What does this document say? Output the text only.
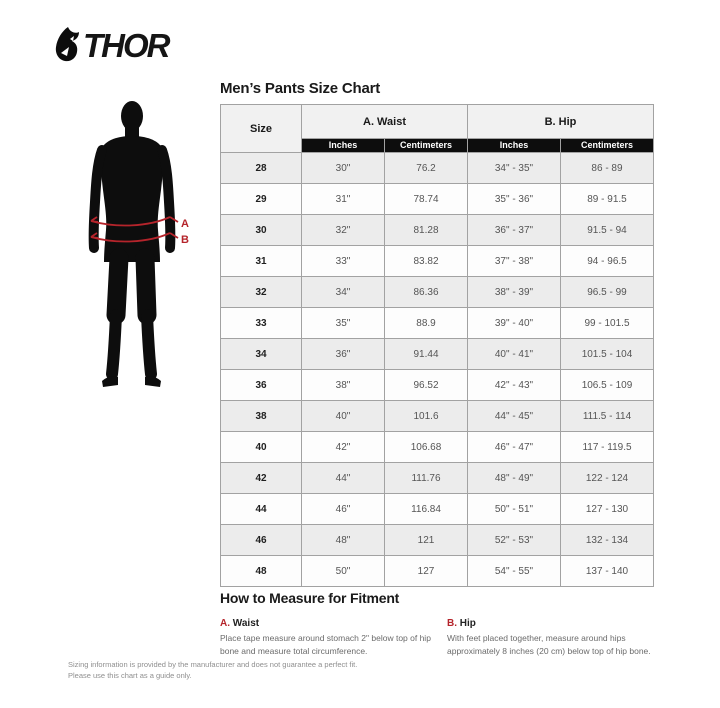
THOR
Men’s Pants Size Chart
A
B
Size	A. Waist		B. Hip	
	Inches	Centimeters	Inches	Centimeters
28	30"	76.2	34" - 35"	86 - 89
29	31"	78.74	35" - 36"	89 - 91.5
30	32"	81.28	36" - 37"	91.5 - 94
31	33"	83.82	37" - 38"	94 - 96.5
32	34"	86.36	38" - 39"	96.5 - 99
33	35"	88.9	39" - 40"	99 - 101.5
34	36"	91.44	40" - 41"	101.5 - 104
36	38"	96.52	42" - 43"	106.5 - 109
38	40"	101.6	44" - 45"	111.5 - 114
40	42"	106.68	46" - 47"	117 - 119.5
42	44"	111.76	48" - 49"	122 - 124
44	46"	116.84	50" - 51"	127 - 130
46	48"	121	52" - 53"	132 - 134
48	50"	127	54" - 55"	137 - 140
How to Measure for Fitment
A. Waist
Place tape measure around stomach 2" below top of hip bone and measure total circumference.
B. Hip
With feet placed together, measure around hips approximately 8 inches (20 cm) below top of hip bone.
Sizing information is provided by the manufacturer and does not guarantee a perfect fit.
Please use this chart as a guide only.
